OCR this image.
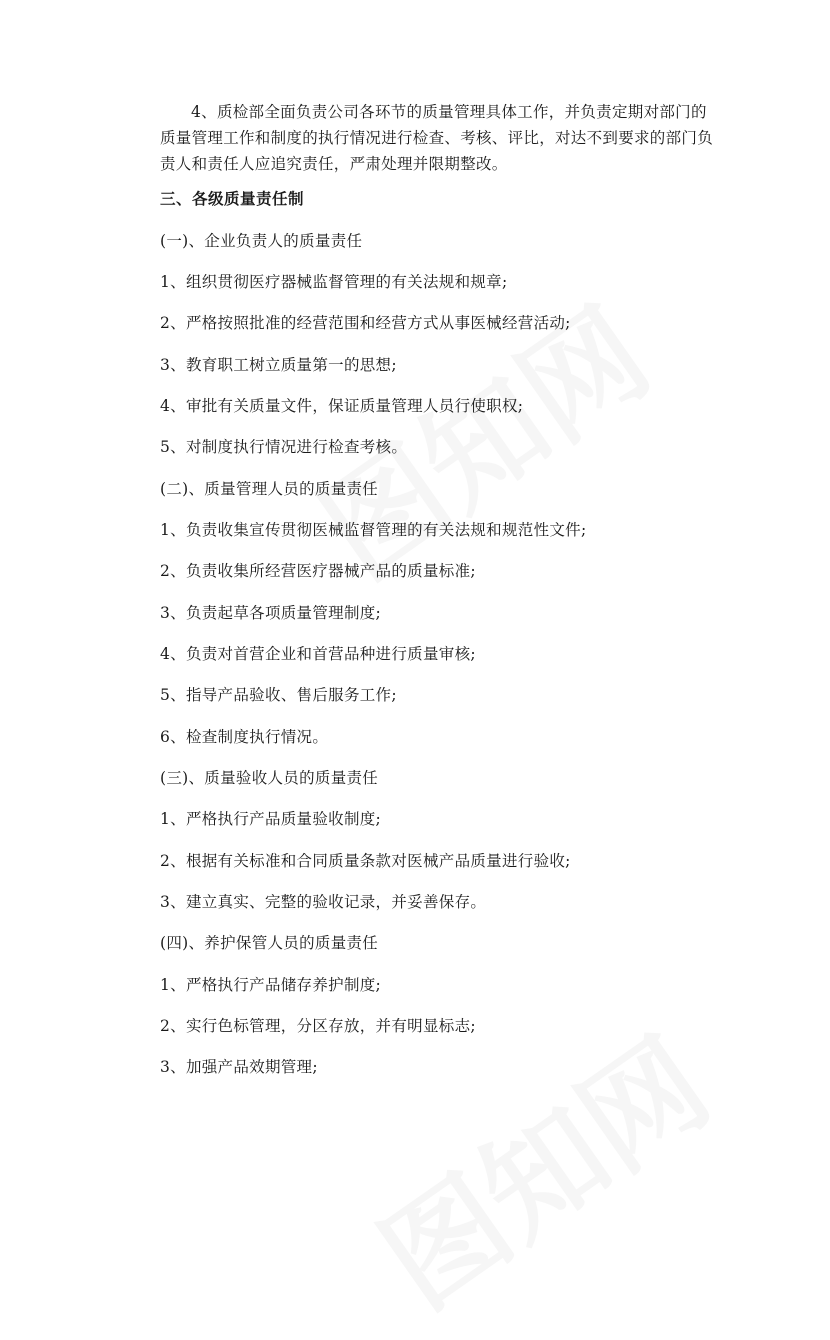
4、质检部全面负责公司各环节的质量管理具体工作，并负责定期对部门的质量管理工作和制度的执行情况进行检查、考核、评比，对达不到要求的部门负责人和责任人应追究责任，严肃处理并限期整改。

三、各级质量责任制
(一)、企业负责人的质量责任
1、组织贯彻医疗器械监督管理的有关法规和规章;
2、严格按照批准的经营范围和经营方式从事医械经营活动;
3、教育职工树立质量第一的思想;
4、审批有关质量文件，保证质量管理人员行使职权;
5、对制度执行情况进行检查考核。
(二)、质量管理人员的质量责任
1、负责收集宣传贯彻医械监督管理的有关法规和规范性文件;
2、负责收集所经营医疗器械产品的质量标准;
3、负责起草各项质量管理制度;
4、负责对首营企业和首营品种进行质量审核;
5、指导产品验收、售后服务工作;
6、检查制度执行情况。
(三)、质量验收人员的质量责任
1、严格执行产品质量验收制度;
2、根据有关标准和合同质量条款对医械产品质量进行验收;
3、建立真实、完整的验收记录，并妥善保存。
(四)、养护保管人员的质量责任
1、严格执行产品储存养护制度;
2、实行色标管理，分区存放，并有明显标志;
3、加强产品效期管理;
